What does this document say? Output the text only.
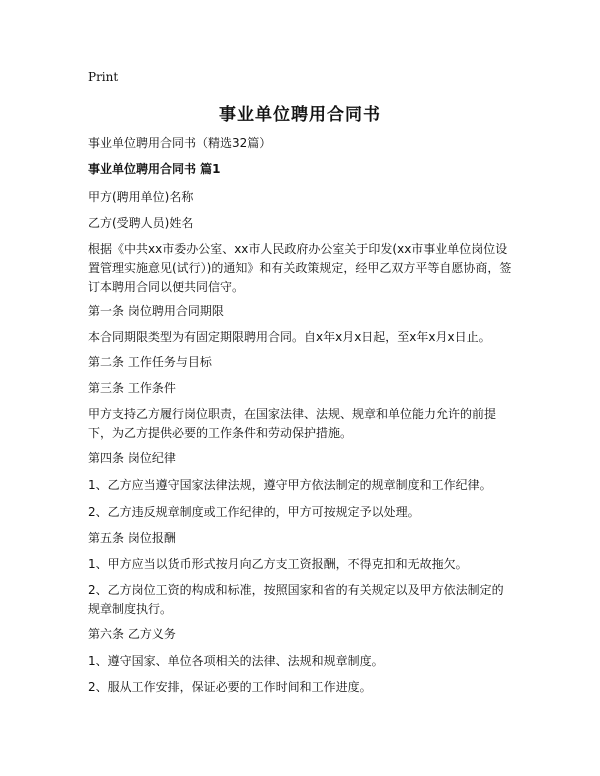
Print
事业单位聘用合同书

事业单位聘用合同书（精选32篇）

事业单位聘用合同书 篇1

甲方(聘用单位)名称

乙方(受聘人员)姓名

根据《中共xx市委办公室、xx市人民政府办公室关于印发(xx市事业单位岗位设置管理实施意见(试行）)的通知》和有关政策规定，经甲乙双方平等自愿协商，签订本聘用合同以便共同信守。

第一条 岗位聘用合同期限

本合同期限类型为有固定期限聘用合同。自x年x月x日起，至x年x月x日止。

第二条 工作任务与目标

第三条 工作条件

甲方支持乙方履行岗位职责，在国家法律、法规、规章和单位能力允许的前提下，为乙方提供必要的工作条件和劳动保护措施。

第四条 岗位纪律

1、乙方应当遵守国家法律法规，遵守甲方依法制定的规章制度和工作纪律。

2、乙方违反规章制度或工作纪律的，甲方可按规定予以处理。

第五条 岗位报酬

1、甲方应当以货币形式按月向乙方支工资报酬，不得克扣和无故拖欠。

2、乙方岗位工资的构成和标准，按照国家和省的有关规定以及甲方依法制定的规章制度执行。

第六条 乙方义务

1、遵守国家、单位各项相关的法律、法规和规章制度。

2、服从工作安排，保证必要的工作时间和工作进度。
